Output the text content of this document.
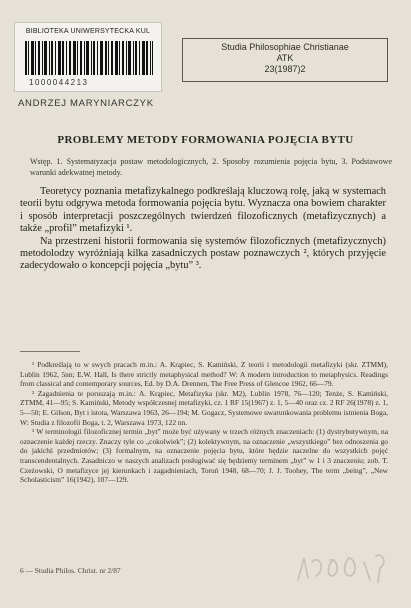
BIBLIOTEKA UNIWERSYTECKA KUL
1000044213
Studia Philosophiae Christianae
ATK
23(1987)2
ANDRZEJ MARYNIARCZYK
PROBLEMY METODY FORMOWANIA POJĘCIA BYTU
Wstęp. 1. Systematyzacja postaw metodologicznych, 2. Sposoby rozumienia pojęcia bytu, 3. Podstawowe warunki adekwatnej metody.

Teoretycy poznania metafizykalnego podkreślają kluczową rolę, jaką w systemach teorii bytu odgrywa metoda formowania pojęcia bytu. Wyznacza ona bowiem charakter i sposób interpretacji poszczególnych twierdzeń filozoficznych (metafizycznych) a także „profil” metafizyki ¹.

Na przestrzeni historii formowania się systemów filozoficznych (metafizycznych) metodolodzy wyróżniają kilka zasadniczych postaw poznawczych ², których przyjęcie zadecydowało o koncepcji pojęcia „bytu” ³.

¹ Podkreślają to w swych pracach m.in.: A. Krąpiec, S. Kamiński, Z teorii i metodologii metafizyki (skr. ZTMM), Lublin 1962, 5nn; E.W. Hall, Is there strictly metaphysical method? W: A modern introduction to metaphysics. Readings from classical and contemporary sources, Ed. by D.A. Drennen, The Free Press of Glencoe 1962, 66—79.

² Zagadnienia te poruszają m.in.: A. Krąpiec, Metafizyka (skr. M2), Lublin 1978, 76—120; Tenże, S. Kamiński, ZTMM, 41—95; S. Kamiński, Metody współczesnej metafizyki, cz. 1 RF 15(1967) z. 1, 5—40 oraz cz. 2 RF 26(1978) z. 1, 5—50; E. Gilson, Byt i istota, Warszawa 1963, 26—194; M. Gogacz, Systemowe uwarunkowania problemu istnienia Boga, W: Studia z filozofii Boga, t. 2, Warszawa 1973, 122 nn.

³ W terminologii filozoficznej termin „byt” może być używany w trzech różnych znaczeniach: (1) dystrybutywnym, na oznaczenie każdej rzeczy. Znaczy tyle co „cokolwiek”; (2) kolektywnym, na oznaczenie „wszystkiego” bez odnoszenia go do jakichś przedmiotów; (3) formalnym, na oznaczenie pojęcia bytu, które będzie naczelne do wszystkich pojęć transcendentalnych. Zasadniczo w naszych analizach posługiwać się będziemy terminem „byt” w 1 i 3 znaczeniu; zob. T. Czeżowski, O metafizyce jej kierunkach i zagadnieniach, Toruń 1948, 68—70; J. J. Toohey, The term „being”, „New Scholasticism” 16(1942), 107—129.

6 — Studia Philos. Christ. nr 2/87
